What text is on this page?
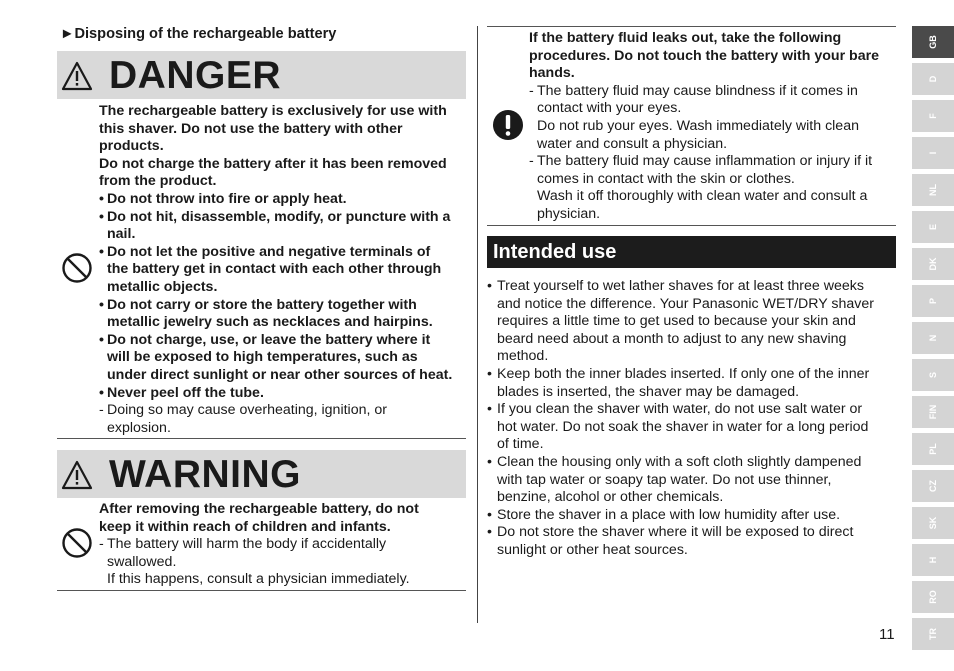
►Disposing of the rechargeable battery
DANGER
The rechargeable battery is exclusively for use with
this shaver. Do not use the battery with other
products.
Do not charge the battery after it has been removed
from the product.
• Do not throw into fire or apply heat.
• Do not hit, disassemble, modify, or puncture with a
nail.
• Do not let the positive and negative terminals of
the battery get in contact with each other through
metallic objects.
• Do not carry or store the battery together with
metallic jewelry such as necklaces and hairpins.
• Do not charge, use, or leave the battery where it
will be exposed to high temperatures, such as
under direct sunlight or near other sources of heat.
• Never peel off the tube.
- Doing so may cause overheating, ignition, or
explosion.
WARNING
After removing the rechargeable battery, do not
keep it within reach of children and infants.
- The battery will harm the body if accidentally
swallowed.
If this happens, consult a physician immediately.
If the battery fluid leaks out, take the following
procedures. Do not touch the battery with your bare
hands.
- The battery fluid may cause blindness if it comes in
contact with your eyes.
Do not rub your eyes. Wash immediately with clean
water and consult a physician.
- The battery fluid may cause inflammation or injury if it
comes in contact with the skin or clothes.
Wash it off thoroughly with clean water and consult a
physician.
Intended use
• Treat yourself to wet lather shaves for at least three weeks
and notice the difference. Your Panasonic WET/DRY shaver
requires a little time to get used to because your skin and
beard need about a month to adjust to any new shaving
method.
• Keep both the inner blades inserted. If only one of the inner
blades is inserted, the shaver may be damaged.
• If you clean the shaver with water, do not use salt water or
hot water. Do not soak the shaver in water for a long period
of time.
• Clean the housing only with a soft cloth slightly dampened
with tap water or soapy tap water. Do not use thinner,
benzine, alcohol or other chemicals.
• Store the shaver in a place with low humidity after use.
• Do not store the shaver where it will be exposed to direct
sunlight or other heat sources.
GB
D
F
I
NL
E
DK
P
N
S
FIN
PL
CZ
SK
H
RO
TR
11
